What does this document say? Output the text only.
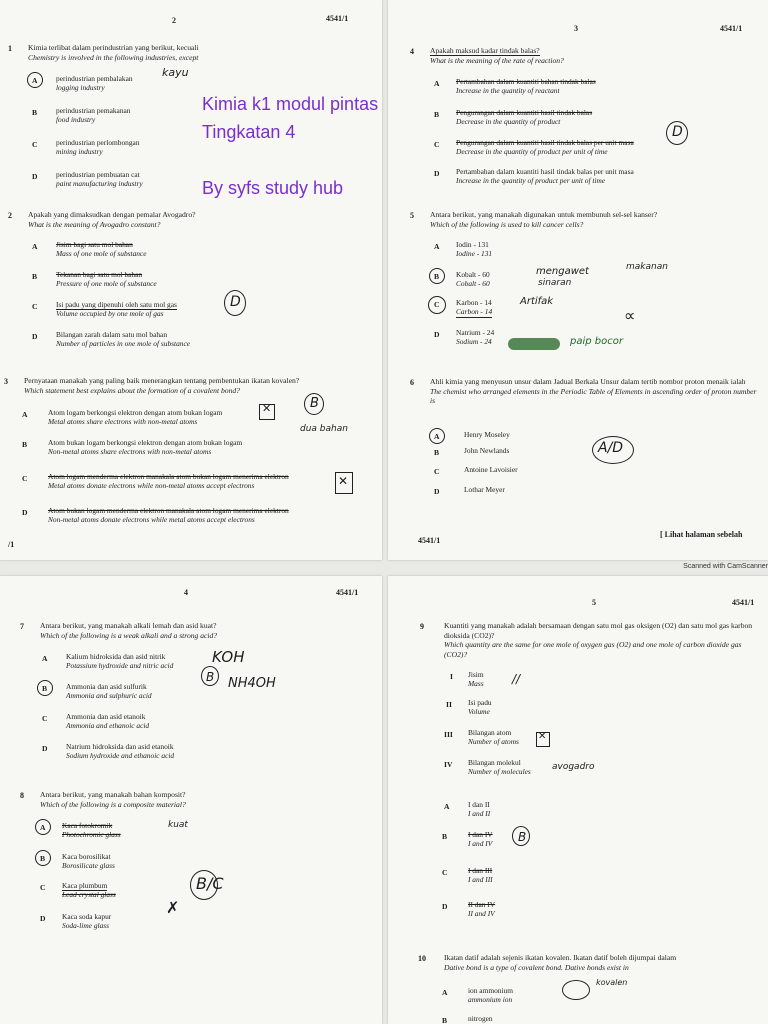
2	4541/1
1 Kimia terlibat dalam perindustrian yang berikut, kecuali
Chemistry is involved in the following industries, except
A	perindustrian pembalakan
logging industry
B	perindustrian pemakanan
food industry
C	perindustrian perlombongan
mining industry
D	perindustrian pembuatan cat
paint manufacturing industry
kayu
Kimia k1 modul pintas
Tingkatan 4
By syfs study hub
2 Apakah yang dimaksudkan dengan pemalar Avogadro?
What is the meaning of Avogadro constant?
A	Jisim bagi satu mol bahan
Mass of one mole of substance
B	Tekanan bagi satu mol bahan
Pressure of one mole of substance
C	Isi padu yang dipenuhi oleh satu mol gas
Volume occupied by one mole of gas
D	Bilangan zarah dalam satu mol bahan
Number of particles in one mole of substance
D
3 Pernyataan manakah yang paling baik menerangkan tentang pembentukan ikatan kovalen?
Which statement best explains about the formation of a covalent bond?
A	Atom logam berkongsi elektron dengan atom bukan logam
Metal atoms share electrons with non-metal atoms
B	Atom bukan logam berkongsi elektron dengan atom bukan logam
Non-metal atoms share electrons with non-metal atoms
C	Atom logam menderma elektron manakala atom bukan logam menerima elektron
Metal atoms donate electrons while non-metal atoms accept electrons
D	Atom bukan logam menderma elektron manakala atom logam menerima elektron
Non-metal atoms donate electrons while metal atoms accept electrons
✕	B
dua bahan
✕
/1
3	4541/1
4 Apakah maksud kadar tindak balas?
What is the meaning of the rate of reaction?
A Pertambahan dalam kuantiti bahan tindak balas
Increase in the quantity of reactant
B Pengurangan dalam kuantiti hasil tindak balas
Decrease in the quantity of product
C Pengurangan dalam kuantiti hasil tindak balas per unit masa
Decrease in the quantity of product per unit of time
D Pertambahan dalam kuantiti hasil tindak balas per unit masa
Increase in the quantity of product per unit of time
D
5 Antara berikut, yang manakah digunakan untuk membunuh sel-sel kanser?
Which of the following is used to kill cancer cells?
A Iodin - 131
Iodine - 131
B Kobalt - 60
Cobalt - 60
C Karbon - 14
Carbon - 14
D Natrium - 24
Sodium - 24
mengawet
sinaran
makanan
Artifak
paip bocor
∝
6 Ahli kimia yang menyusun unsur dalam Jadual Berkala Unsur dalam tertib nombor proton menaik ialah
The chemist who arranged elements in the Periodic Table of Elements in ascending order of proton number is
A	Henry Moseley
B	John Newlands
C	Antoine Lavoisier
D	Lothar Meyer
A/D
4541/1
[ Lihat halaman sebelah
Scanned with CamScanner
4	4541/1
7 Antara berikut, yang manakah alkali lemah dan asid kuat?
Which of the following is a weak alkali and a strong acid?
A	Kalium hidroksida dan asid nitrik
Potassium hydroxide and nitric acid
B	Ammonia dan asid sulfurik
Ammonia and sulphuric acid
C	Ammonia dan asid etanoik
Ammonia and ethanoic acid
D	Natrium hidroksida dan asid etanoik
Sodium hydroxide and ethanoic acid
KOH
NH4OH
B
8 Antara berikut, yang manakah bahan komposit?
Which of the following is a composite material?
A Kaca fotokromik
Photochromic glass
B Kaca borosilikat
Borosilicate glass
C Kaca plumbum
Lead crystal glass
D Kaca soda kapur
Soda-lime glass
kuat
B/C
✗
5	4541/1
9	Kuantiti yang manakah adalah bersamaan dengan satu mol gas oksigen (O2) dan satu mol gas karbon dioksida (CO2)?
Which quantity are the same for one mole of oxygen gas (O2) and one mole of carbon dioxide gas (CO2)?
I Jisim
Mass
II Isi padu
Volume
III Bilangan atom
Number of atoms
IV Bilangan molekul
Number of molecules
//
✕
avogadro
A	I dan II
I and II
B	I dan IV
I and IV
C	I dan III
I and III
D	II dan IV
II and IV
B
10 Ikatan datif adalah sejenis ikatan kovalen. Ikatan datif boleh dijumpai dalam
Dative bond is a type of covalent bond. Dative bonds exist in
A	ion ammonium
ammonium ion
B	nitrogen
kovalen
